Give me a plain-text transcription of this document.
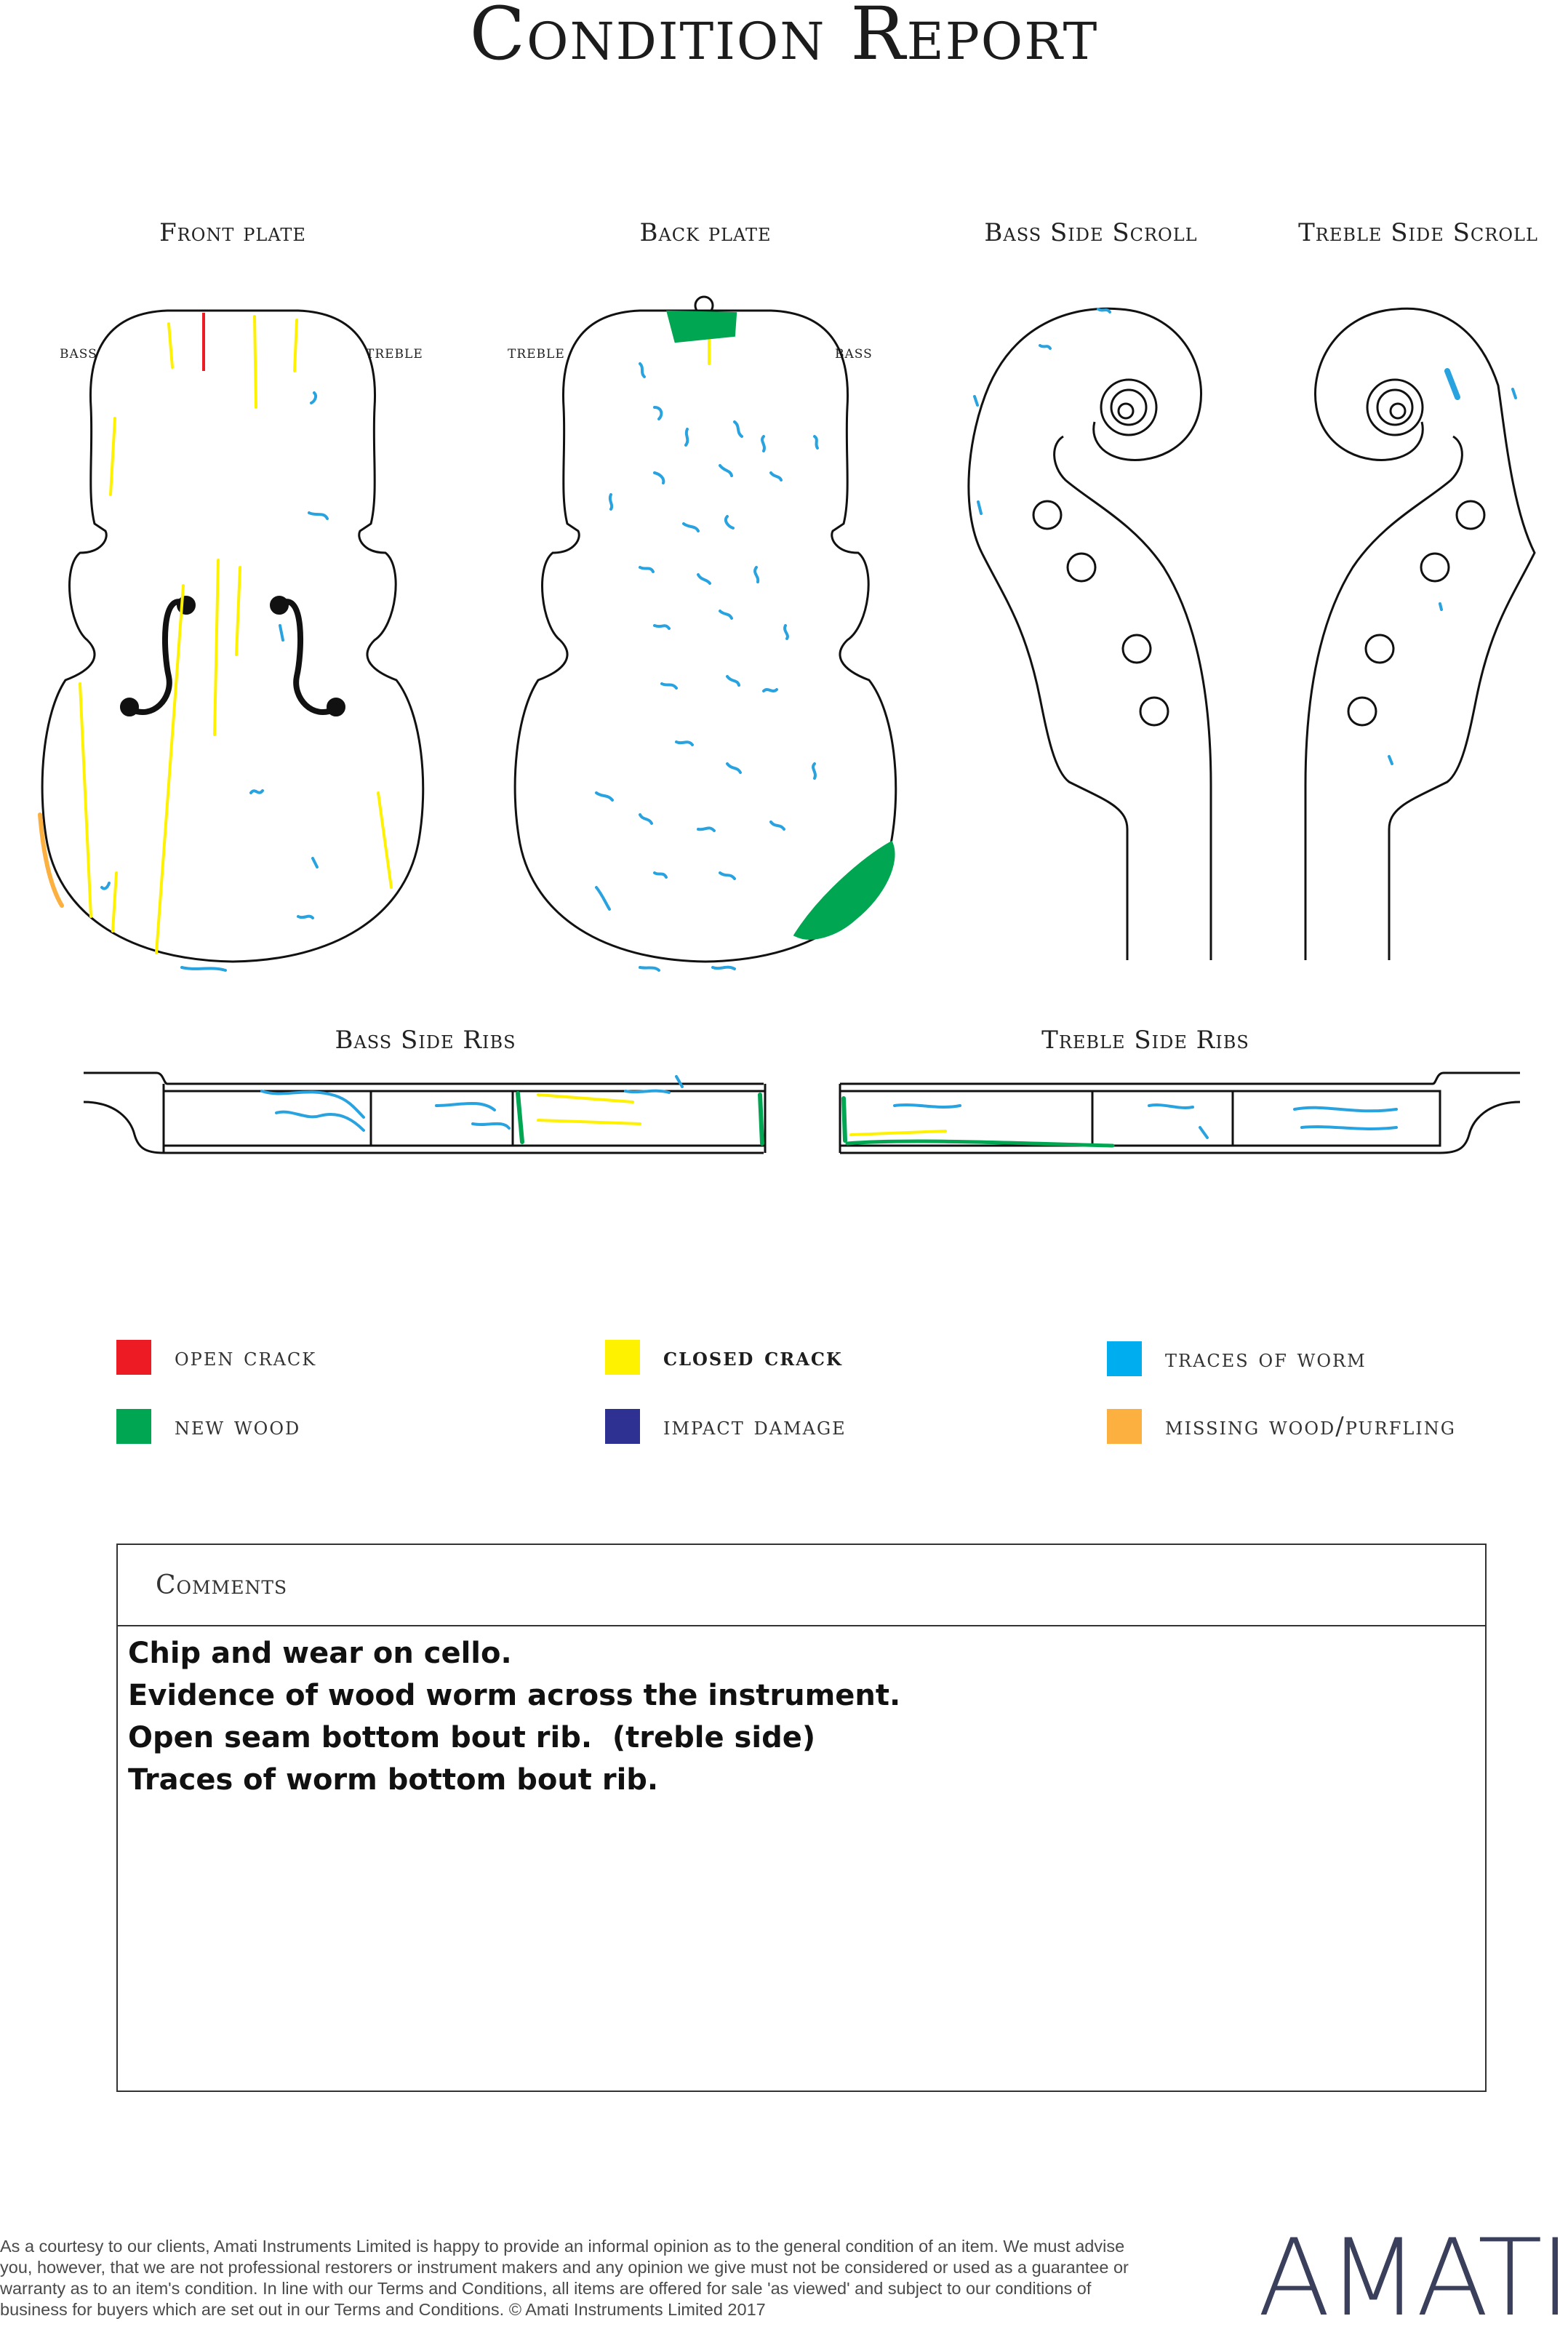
Condition Report
Front plate	Back plate	Bass Side Scroll	Treble Side Scroll
bass	treble	treble	bass
Bass Side Ribs	Treble Side Ribs
open crack	closed crack	traces of worm
new wood	impact damage	missing wood/purfling
Comments
Chip and wear on cello.
Evidence of wood worm across the instrument.
Open seam bottom bout rib.  (treble side)
Traces of worm bottom bout rib.
As a courtesy to our clients, Amati Instruments Limited is happy to provide an informal opinion as to the general condition of an item. We must advise you, however, that we are not professional restorers or instrument makers and any opinion we give must not be considered or used as a guarantee or warranty as to an item's condition. In line with our Terms and Conditions, all items are offered for sale 'as viewed' and subject to our conditions of business for buyers which are set out in our Terms and Conditions. © Amati Instruments Limited 2017	AMATI
